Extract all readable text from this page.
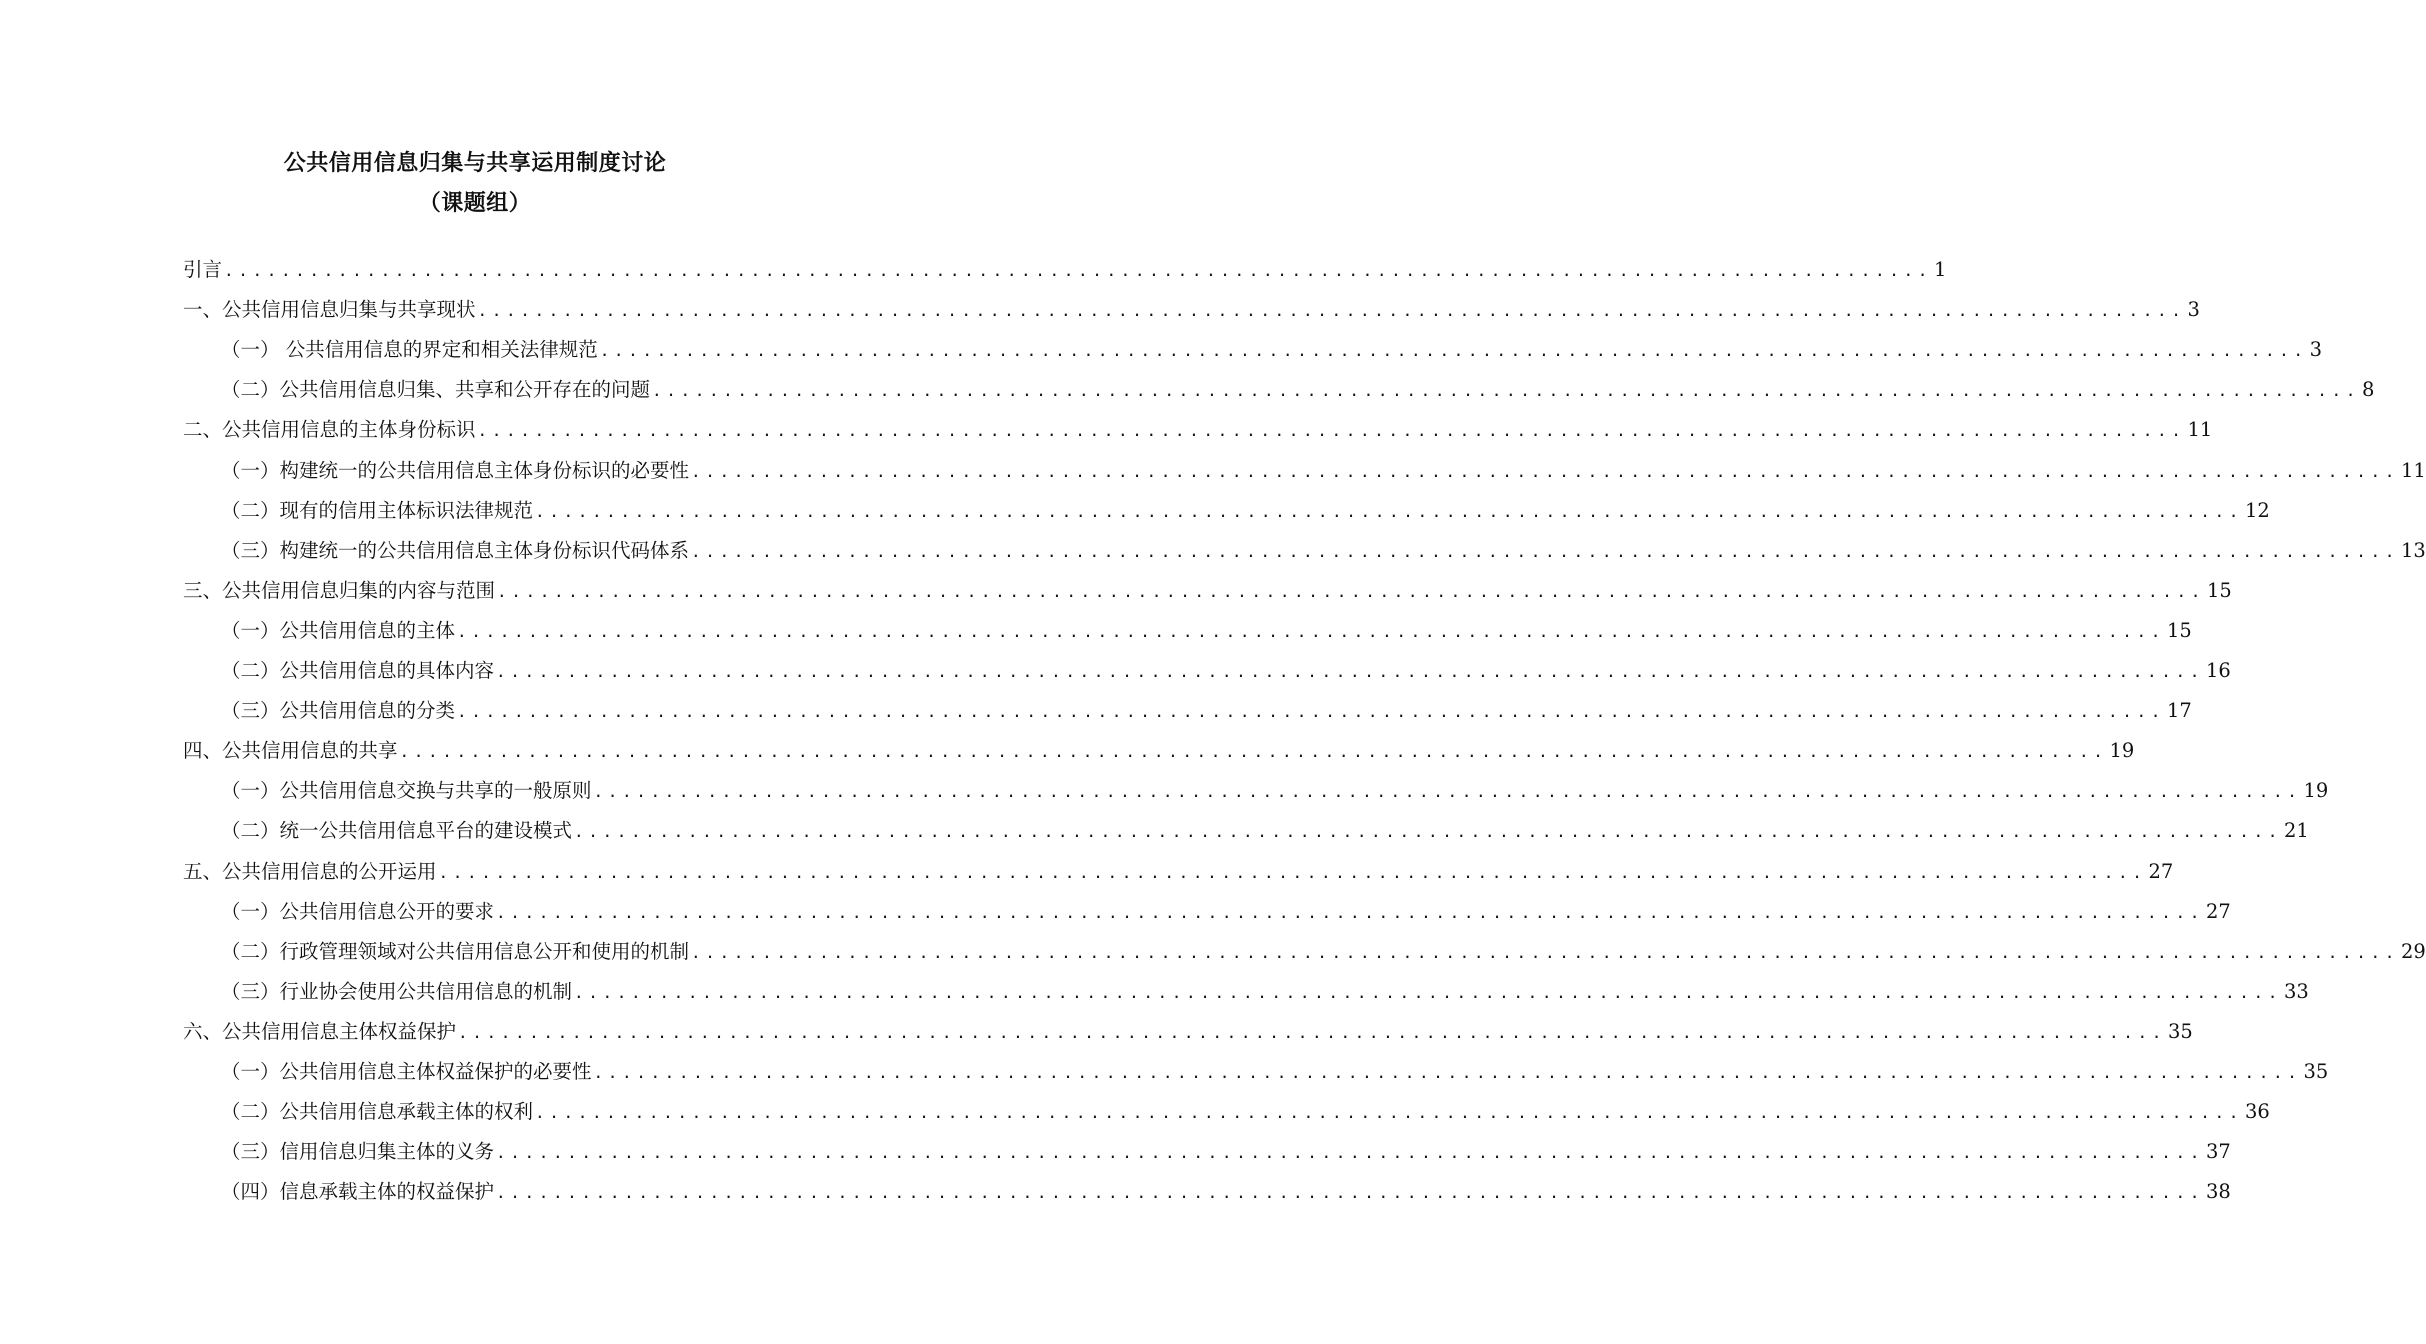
公共信用信息归集与共享运用制度讨论
（课题组）
引言 ........................................................................................................................ 1
一、公共信用信息归集与共享现状 ........................................................................................................................ 3
（一） 公共信用信息的界定和相关法律规范 ........................................................................................................................ 3
（二）公共信用信息归集、共享和公开存在的问题 ........................................................................................................................ 8
二、公共信用信息的主体身份标识 ........................................................................................................................ 11
（一）构建统一的公共信用信息主体身份标识的必要性 ........................................................................................................................ 11
（二）现有的信用主体标识法律规范 ........................................................................................................................ 12
（三）构建统一的公共信用信息主体身份标识代码体系 ........................................................................................................................ 13
三、公共信用信息归集的内容与范围 ........................................................................................................................ 15
（一）公共信用信息的主体 ........................................................................................................................ 15
（二）公共信用信息的具体内容 ........................................................................................................................ 16
（三）公共信用信息的分类 ........................................................................................................................ 17
四、公共信用信息的共享 ........................................................................................................................ 19
（一）公共信用信息交换与共享的一般原则 ........................................................................................................................ 19
（二）统一公共信用信息平台的建设模式 ........................................................................................................................ 21
五、公共信用信息的公开运用 ........................................................................................................................ 27
（一）公共信用信息公开的要求 ........................................................................................................................ 27
（二）行政管理领域对公共信用信息公开和使用的机制 ........................................................................................................................ 29
（三）行业协会使用公共信用信息的机制 ........................................................................................................................ 33
六、公共信用信息主体权益保护 ........................................................................................................................ 35
（一）公共信用信息主体权益保护的必要性 ........................................................................................................................ 35
（二）公共信用信息承载主体的权利 ........................................................................................................................ 36
（三）信用信息归集主体的义务 ........................................................................................................................ 37
（四）信息承载主体的权益保护 ........................................................................................................................ 38
